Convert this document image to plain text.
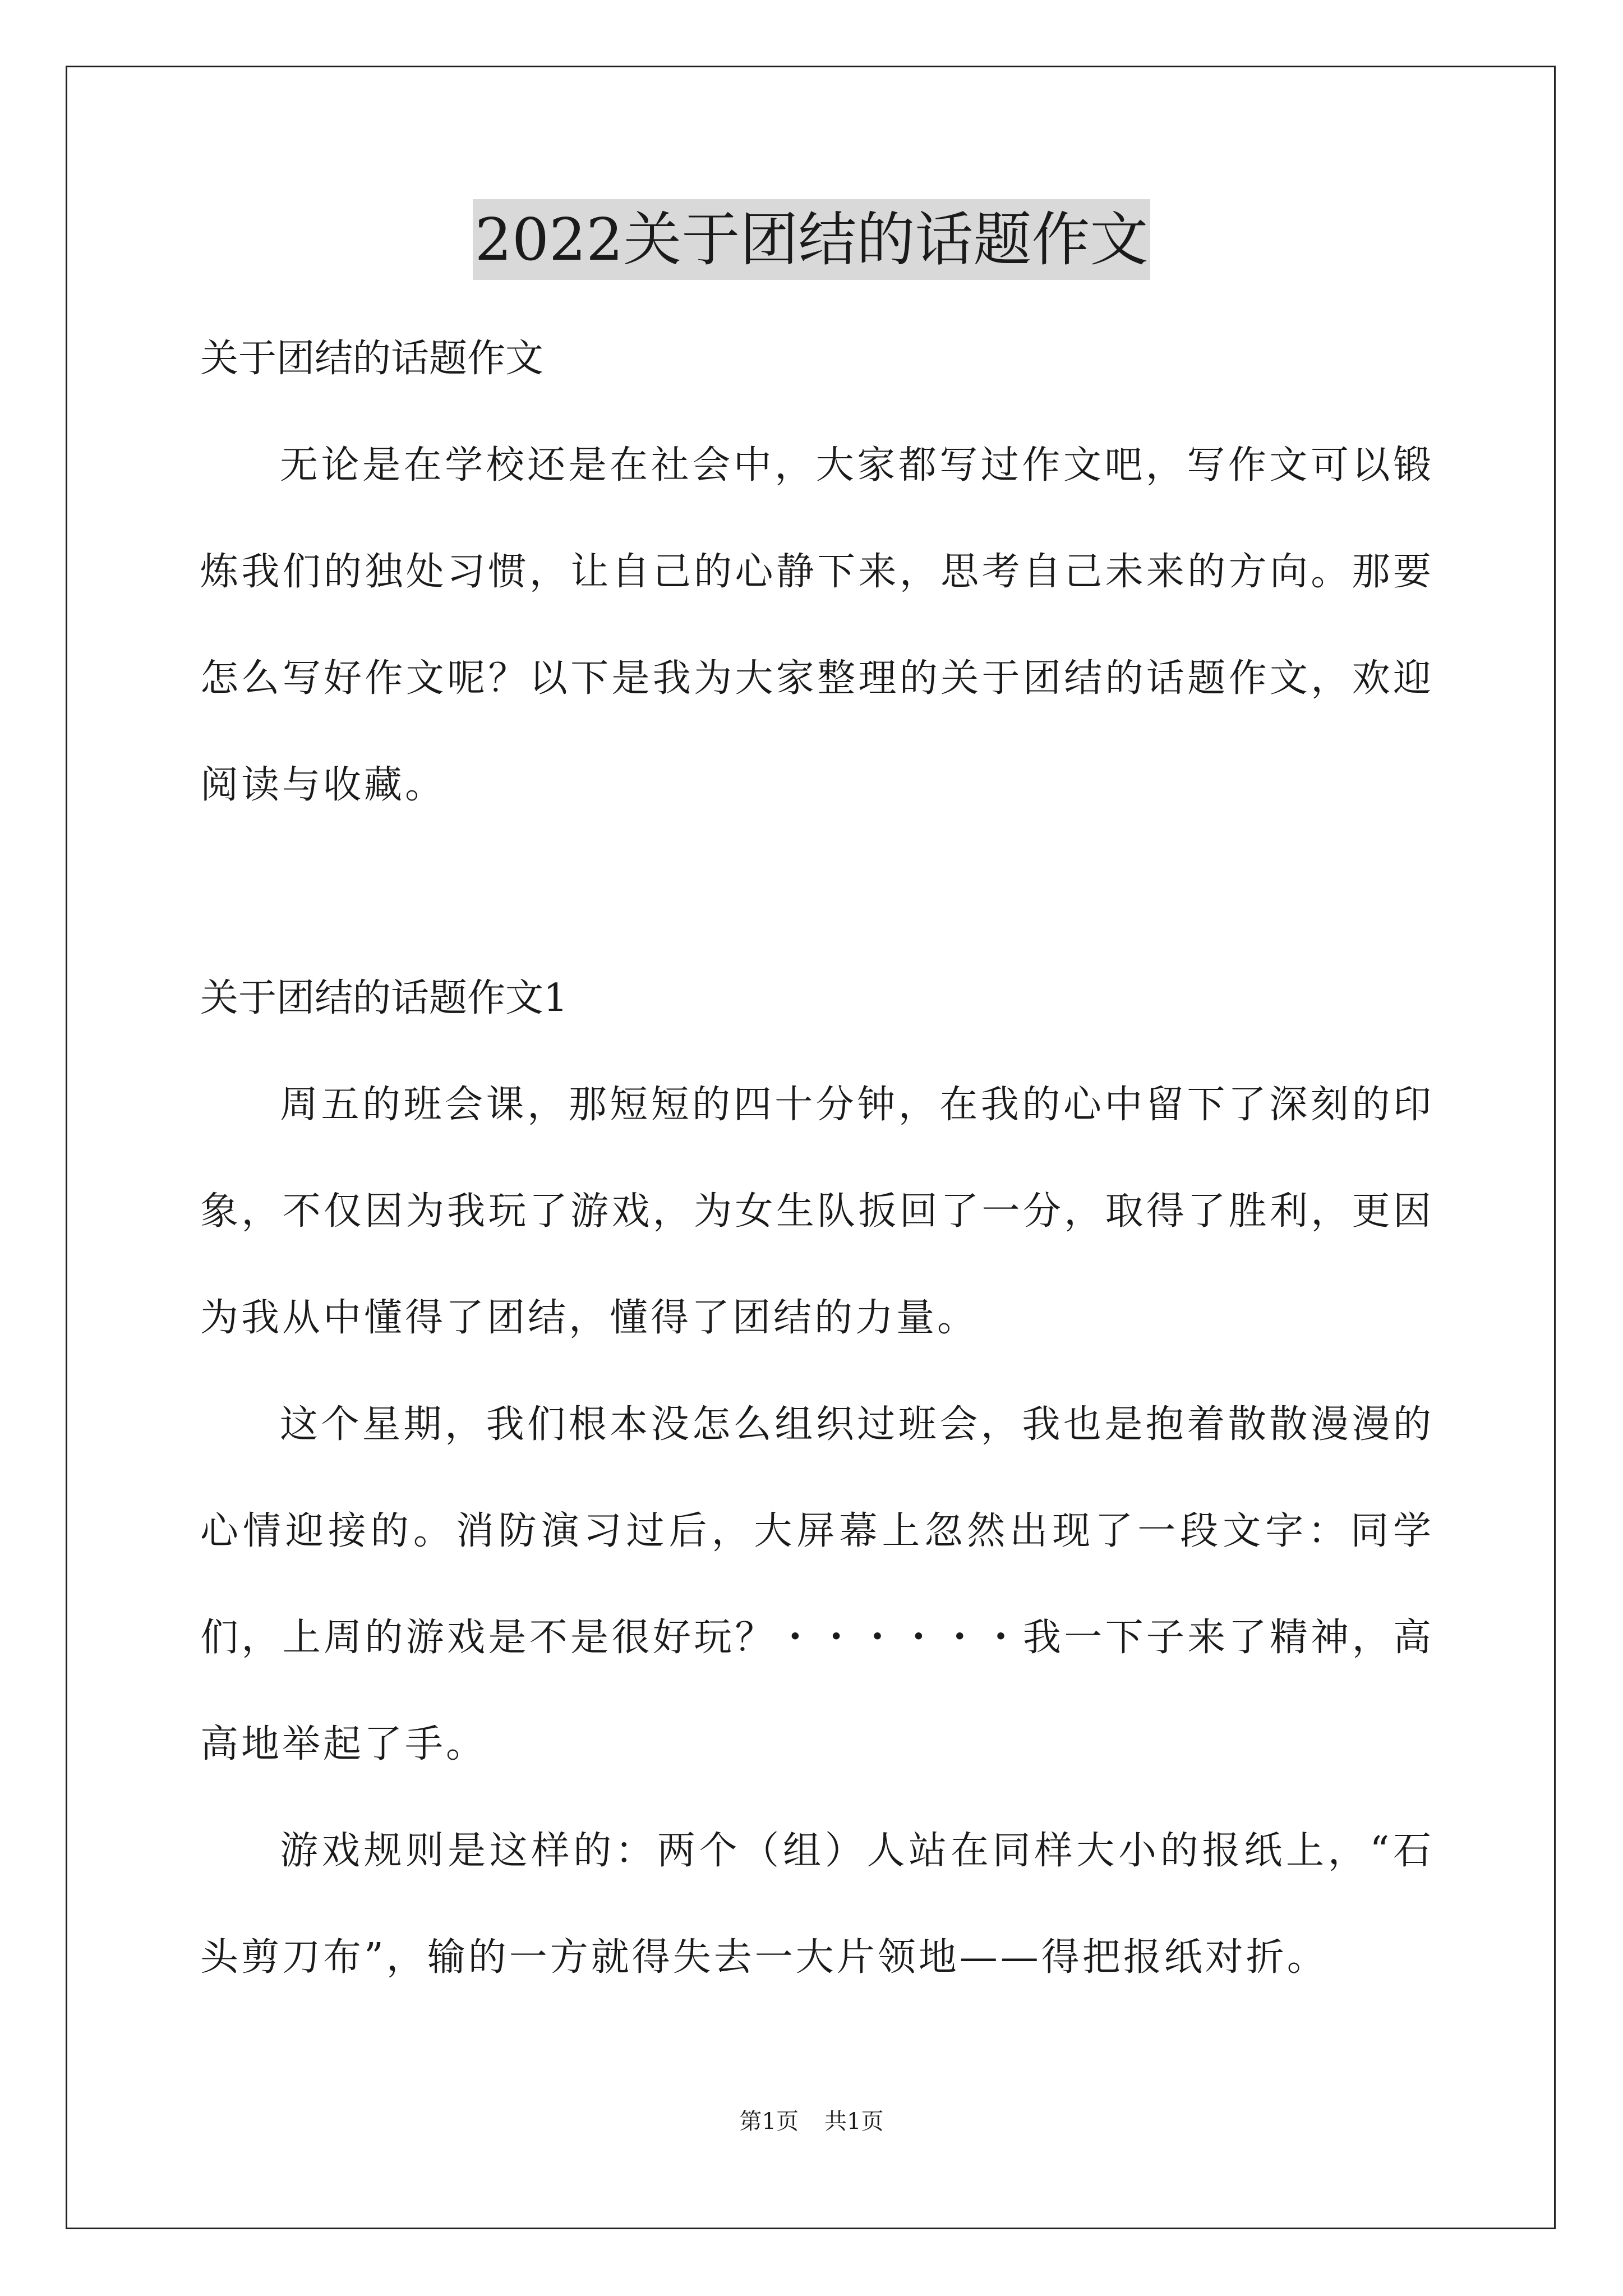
2022关于团结的话题作文

关于团结的话题作文

无论是在学校还是在社会中，大家都写过作文吧，写作文可以锻炼我们的独处习惯，让自己的心静下来，思考自己未来的方向。那要怎么写好作文呢？以下是我为大家整理的关于团结的话题作文，欢迎阅读与收藏。

关于团结的话题作文1

周五的班会课，那短短的四十分钟，在我的心中留下了深刻的印象，不仅因为我玩了游戏，为女生队扳回了一分，取得了胜利，更因为我从中懂得了团结，懂得了团结的力量。

这个星期，我们根本没怎么组织过班会，我也是抱着散散漫漫的心情迎接的。消防演习过后，大屏幕上忽然出现了一段文字：同学们，上周的游戏是不是很好玩？・・・・・・我一下子来了精神，高高地举起了手。

游戏规则是这样的：两个（组）人站在同样大小的报纸上，“石头剪刀布”，输的一方就得失去一大片领地——得把报纸对折。

第1页 共1页
